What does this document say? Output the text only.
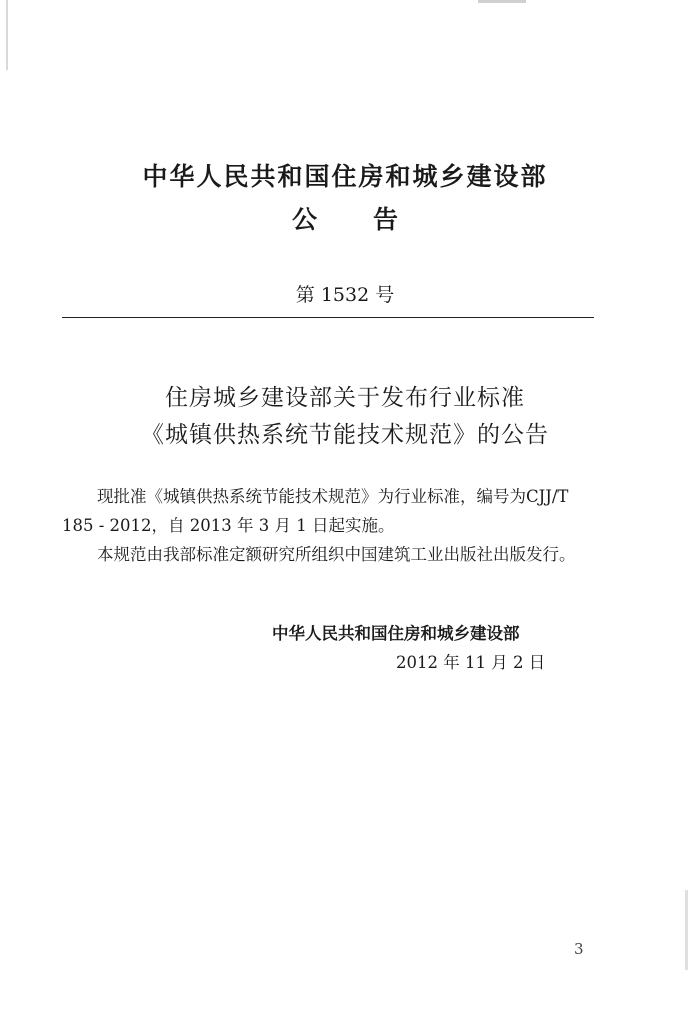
中华人民共和国住房和城乡建设部
公 告
第 1532 号
住房城乡建设部关于发布行业标准
《城镇供热系统节能技术规范》的公告

现批准《城镇供热系统节能技术规范》为行业标准，编号为CJJ/T 185 - 2012，自 2013 年 3 月 1 日起实施。

本规范由我部标准定额研究所组织中国建筑工业出版社出版发行。

中华人民共和国住房和城乡建设部
2012 年 11 月 2 日
3
